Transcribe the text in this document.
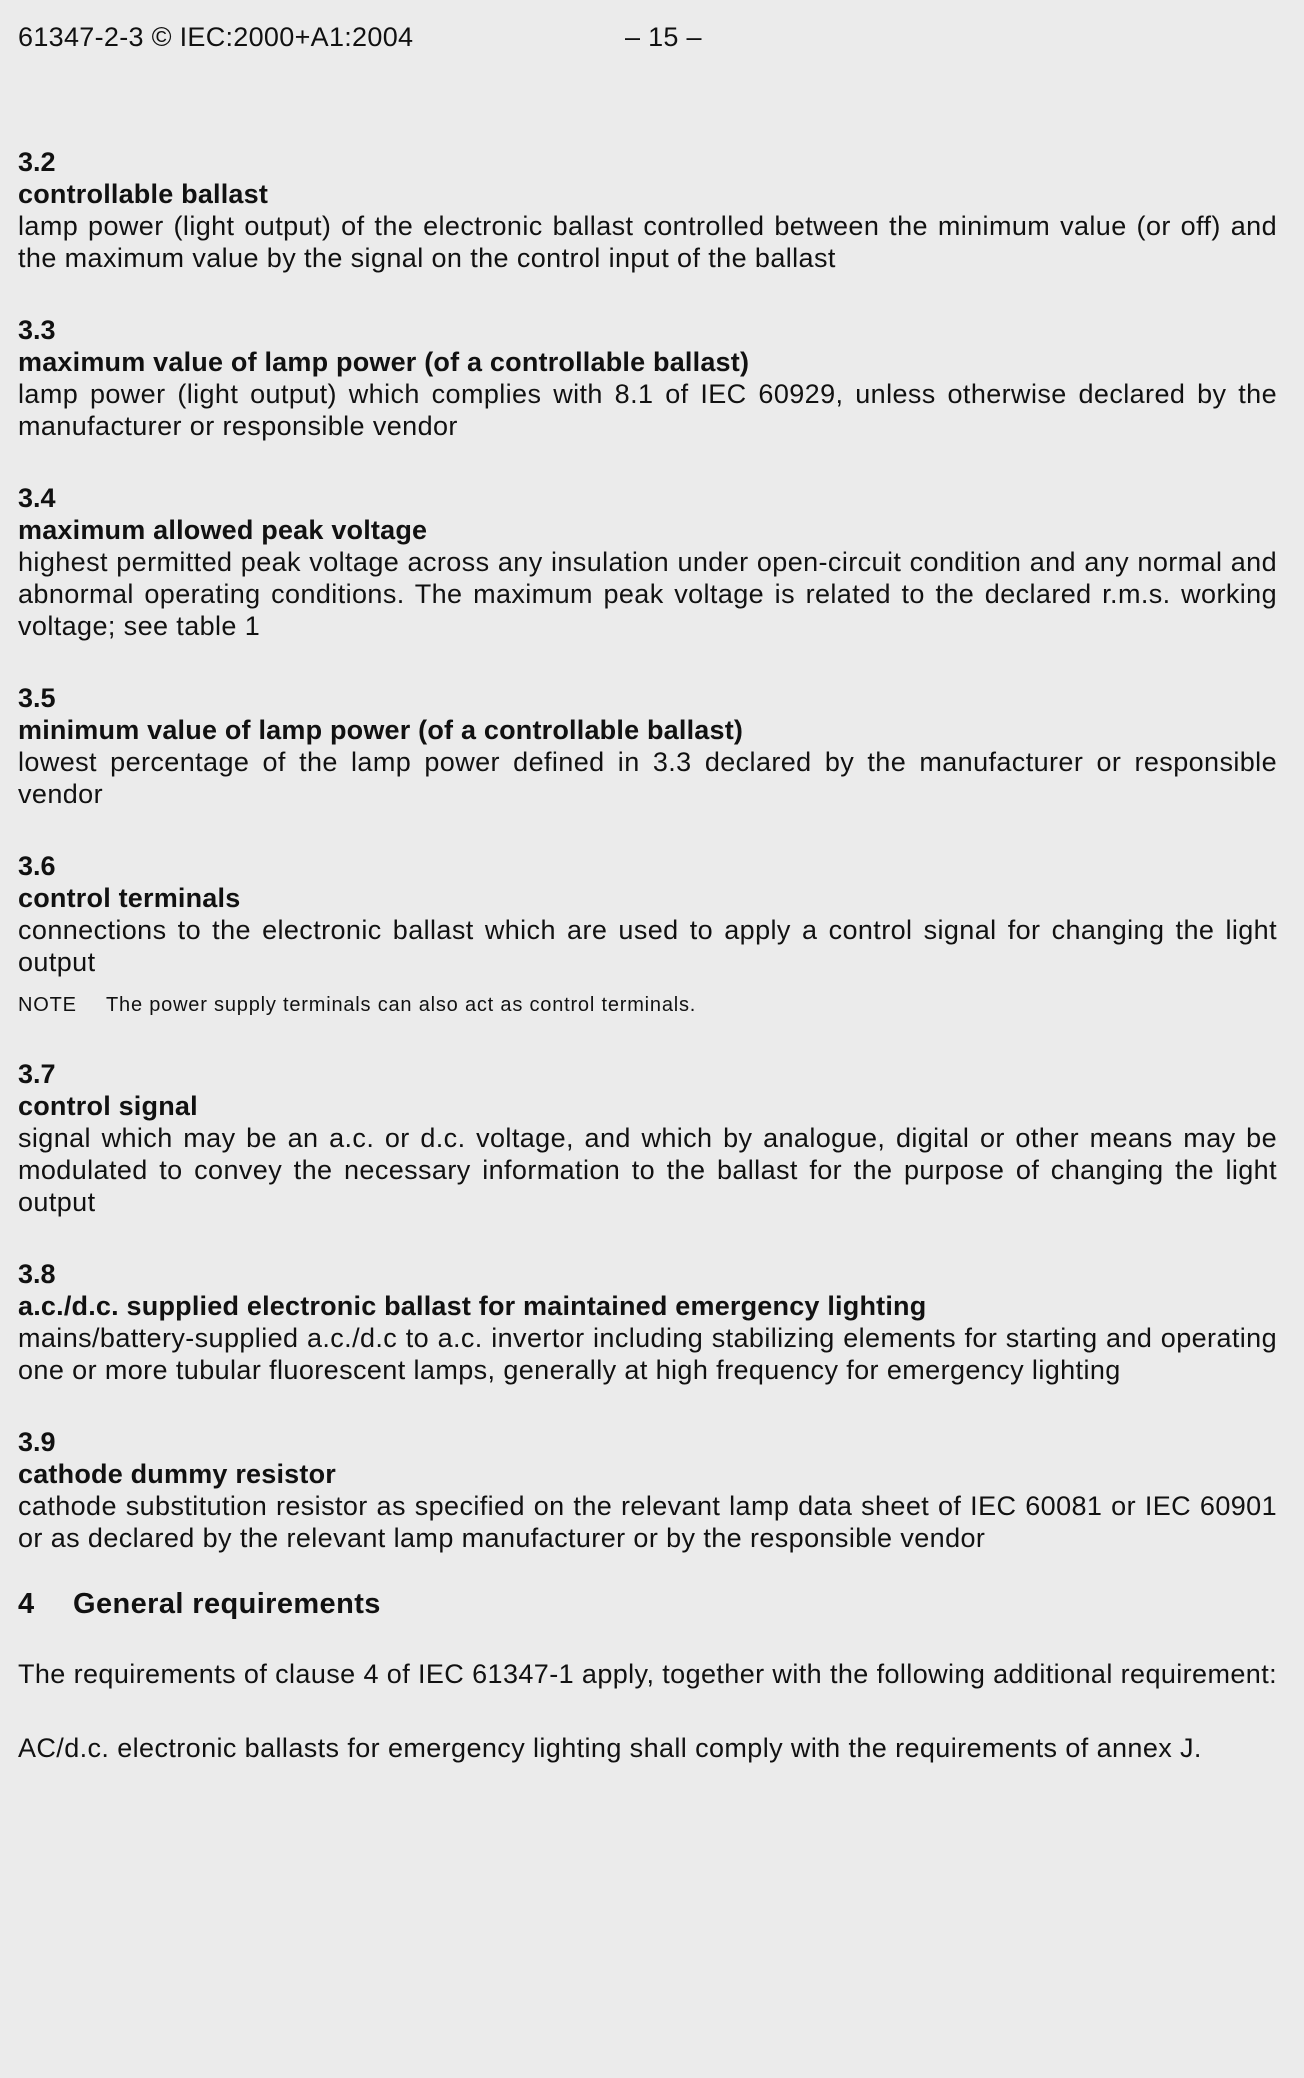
61347-2-3 © IEC:2000+A1:2004	– 15 –
3.2
controllable ballast
lamp power (light output) of the electronic ballast controlled between the minimum value (or off) and the maximum value by the signal on the control input of the ballast
3.3
maximum value of lamp power (of a controllable ballast)
lamp power (light output) which complies with 8.1 of IEC 60929, unless otherwise declared by the manufacturer or responsible vendor
3.4
maximum allowed peak voltage
highest permitted peak voltage across any insulation under open-circuit condition and any normal and abnormal operating conditions. The maximum peak voltage is related to the declared r.m.s. working voltage; see table 1
3.5
minimum value of lamp power (of a controllable ballast)
lowest percentage of the lamp power defined in 3.3 declared by the manufacturer or responsible vendor
3.6
control terminals
connections to the electronic ballast which are used to apply a control signal for changing the light output
NOTE The power supply terminals can also act as control terminals.
3.7
control signal
signal which may be an a.c. or d.c. voltage, and which by analogue, digital or other means may be modulated to convey the necessary information to the ballast for the purpose of changing the light output
3.8
a.c./d.c. supplied electronic ballast for maintained emergency lighting
mains/battery-supplied a.c./d.c to a.c. invertor including stabilizing elements for starting and operating one or more tubular fluorescent lamps, generally at high frequency for emergency lighting
3.9
cathode dummy resistor
cathode substitution resistor as specified on the relevant lamp data sheet of IEC 60081 or IEC 60901 or as declared by the relevant lamp manufacturer or by the responsible vendor
4 General requirements
The requirements of clause 4 of IEC 61347-1 apply, together with the following additional requirement:
AC/d.c. electronic ballasts for emergency lighting shall comply with the requirements of annex J.
